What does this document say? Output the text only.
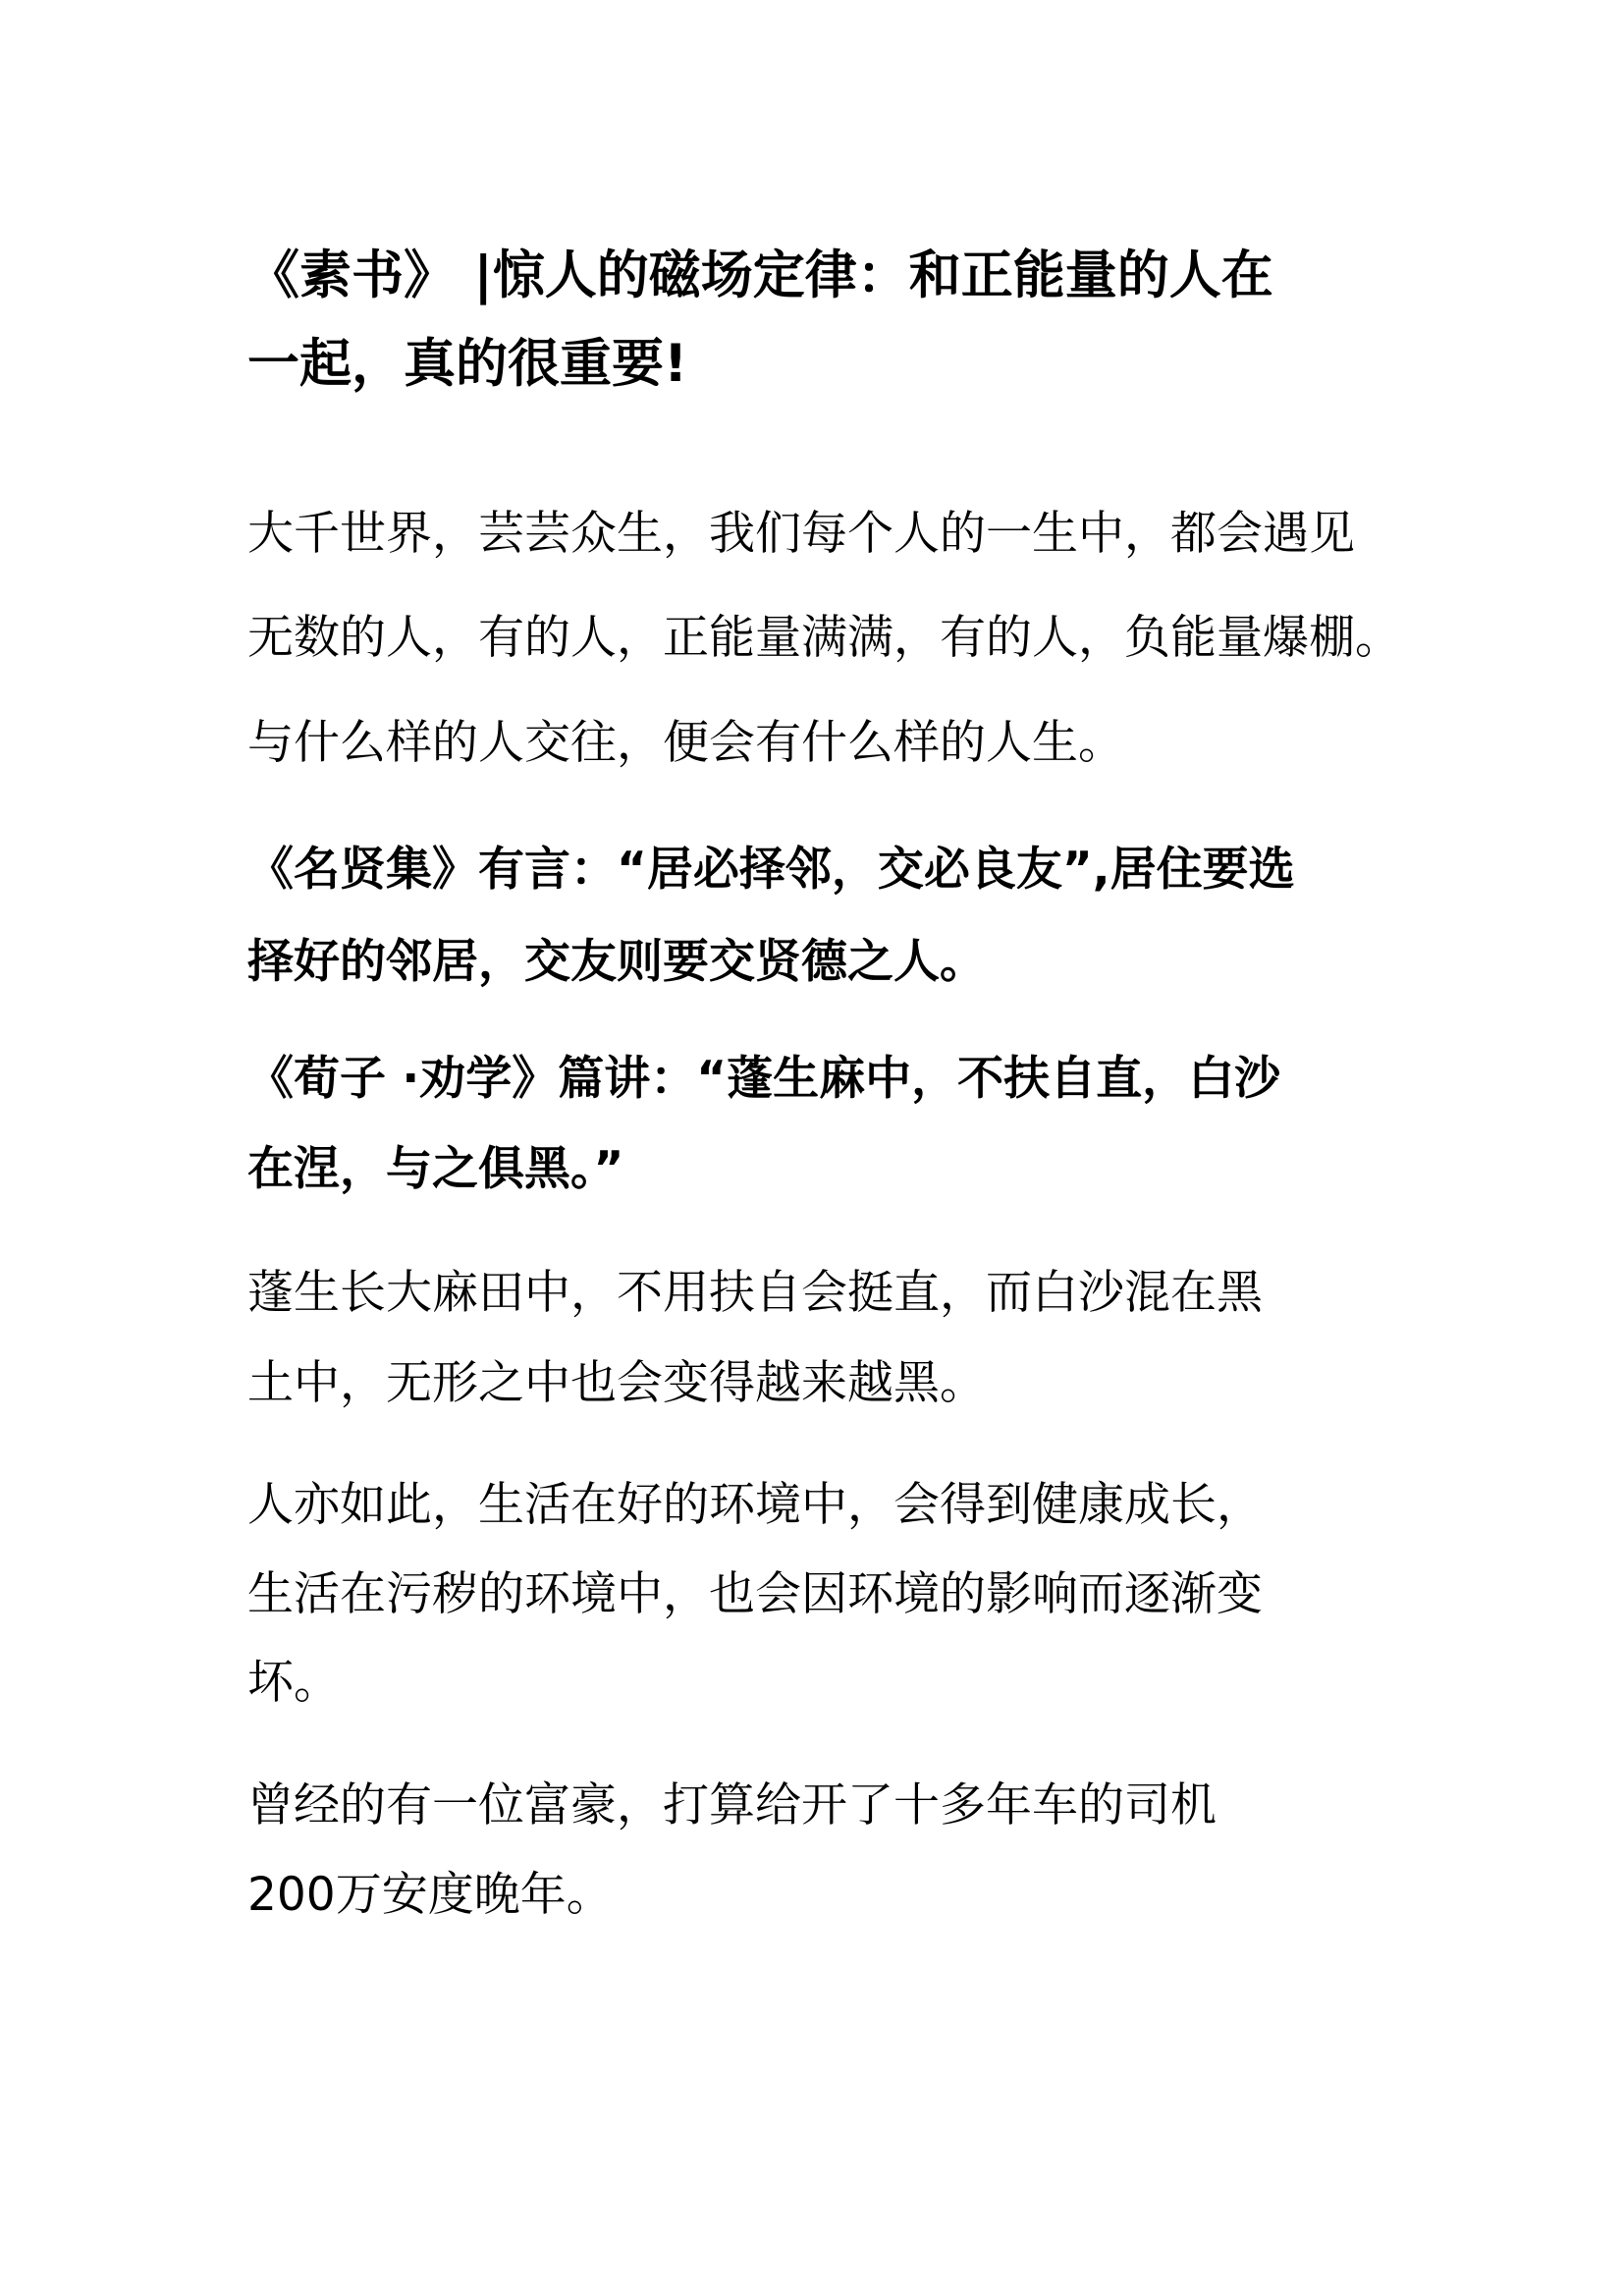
《素书》 |惊人的磁场定律：和正能量的人在
一起，真的很重要!
大千世界，芸芸众生，我们每个人的一生中，都会遇见
无数的人，有的人，正能量满满，有的人，负能量爆棚。
与什么样的人交往，便会有什么样的人生。
《名贤集》有言：“居必择邻，交必良友”,居住要选
择好的邻居，交友则要交贤德之人。
《荀子 ·劝学》篇讲：“蓬生麻中，不扶自直，白沙
在涅，与之俱黑。”
蓬生长大麻田中，不用扶自会挺直，而白沙混在黑
土中，无形之中也会变得越来越黑。
人亦如此，生活在好的环境中，会得到健康成长，
生活在污秽的环境中，也会因环境的影响而逐渐变
坏。
曾经的有一位富豪，打算给开了十多年车的司机
200万安度晚年。
